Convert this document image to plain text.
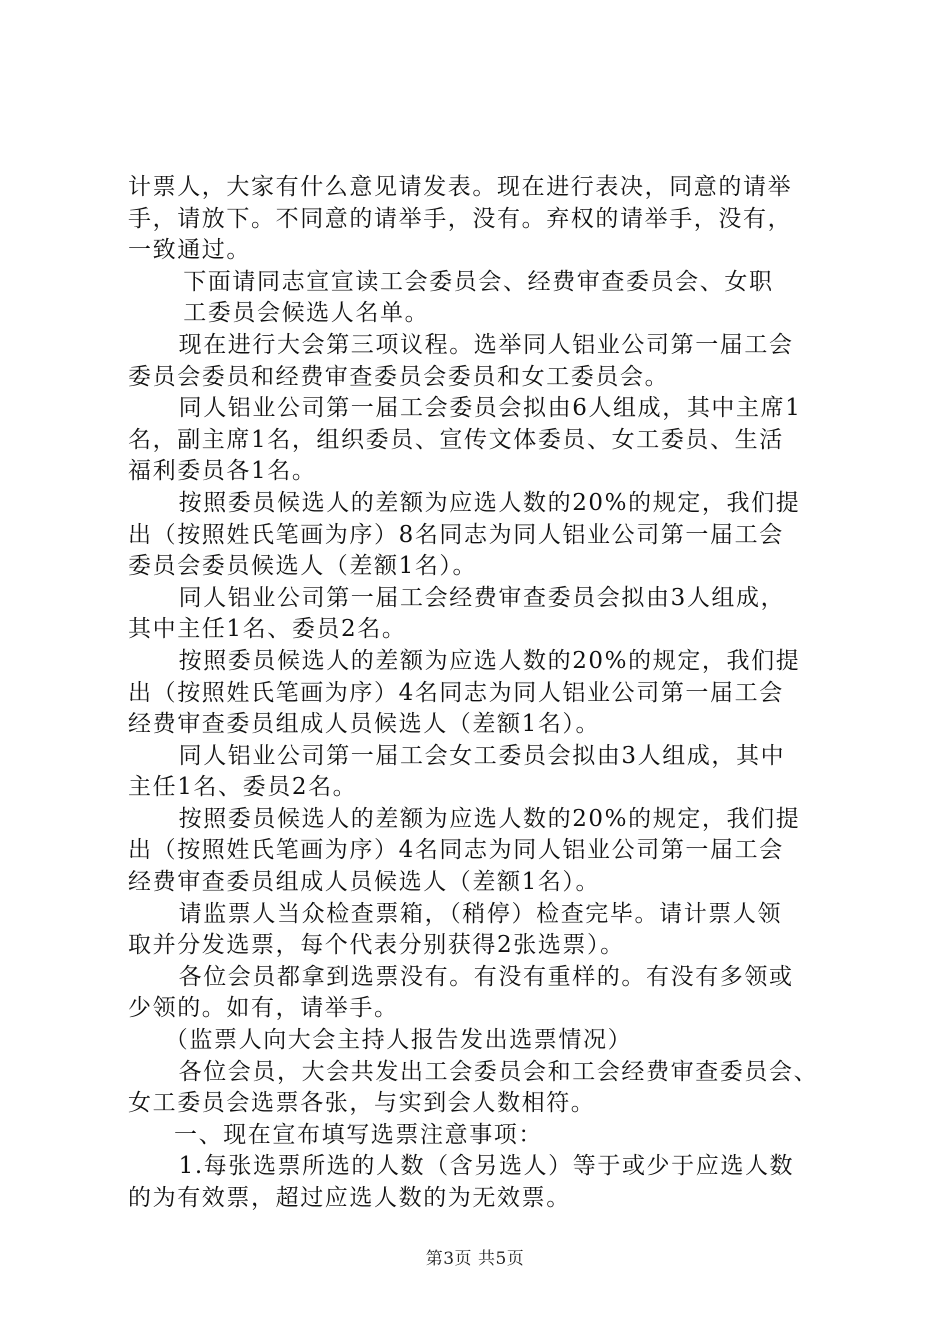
计票人，大家有什么意见请发表。现在进行表决，同意的请举

手，请放下。不同意的请举手，没有。弃权的请举手，没有，

一致通过。

下面请同志宣宣读工会委员会、经费审查委员会、女职

工委员会候选人名单。

现在进行大会第三项议程。选举同人铝业公司第一届工会

委员会委员和经费审查委员会委员和女工委员会。

同人铝业公司第一届工会委员会拟由6人组成，其中主席1

名，副主席1名，组织委员、宣传文体委员、女工委员、生活

福利委员各1名。

按照委员候选人的差额为应选人数的20%的规定，我们提

出（按照姓氏笔画为序）8名同志为同人铝业公司第一届工会

委员会委员候选人（差额1名）。

同人铝业公司第一届工会经费审查委员会拟由3人组成，

其中主任1名、委员2名。

按照委员候选人的差额为应选人数的20%的规定，我们提

出（按照姓氏笔画为序）4名同志为同人铝业公司第一届工会

经费审查委员组成人员候选人（差额1名）。

同人铝业公司第一届工会女工委员会拟由3人组成，其中

主任1名、委员2名。

按照委员候选人的差额为应选人数的20%的规定，我们提

出（按照姓氏笔画为序）4名同志为同人铝业公司第一届工会

经费审查委员组成人员候选人（差额1名）。

请监票人当众检查票箱，（稍停）检查完毕。请计票人领

取并分发选票，每个代表分别获得2张选票）。

各位会员都拿到选票没有。有没有重样的。有没有多领或

少领的。如有，请举手。

（监票人向大会主持人报告发出选票情况）

各位会员，大会共发出工会委员会和工会经费审查委员会、

女工委员会选票各张，与实到会人数相符。

一、现在宣布填写选票注意事项：

1.每张选票所选的人数（含另选人）等于或少于应选人数

的为有效票，超过应选人数的为无效票。

第3页 共5页
